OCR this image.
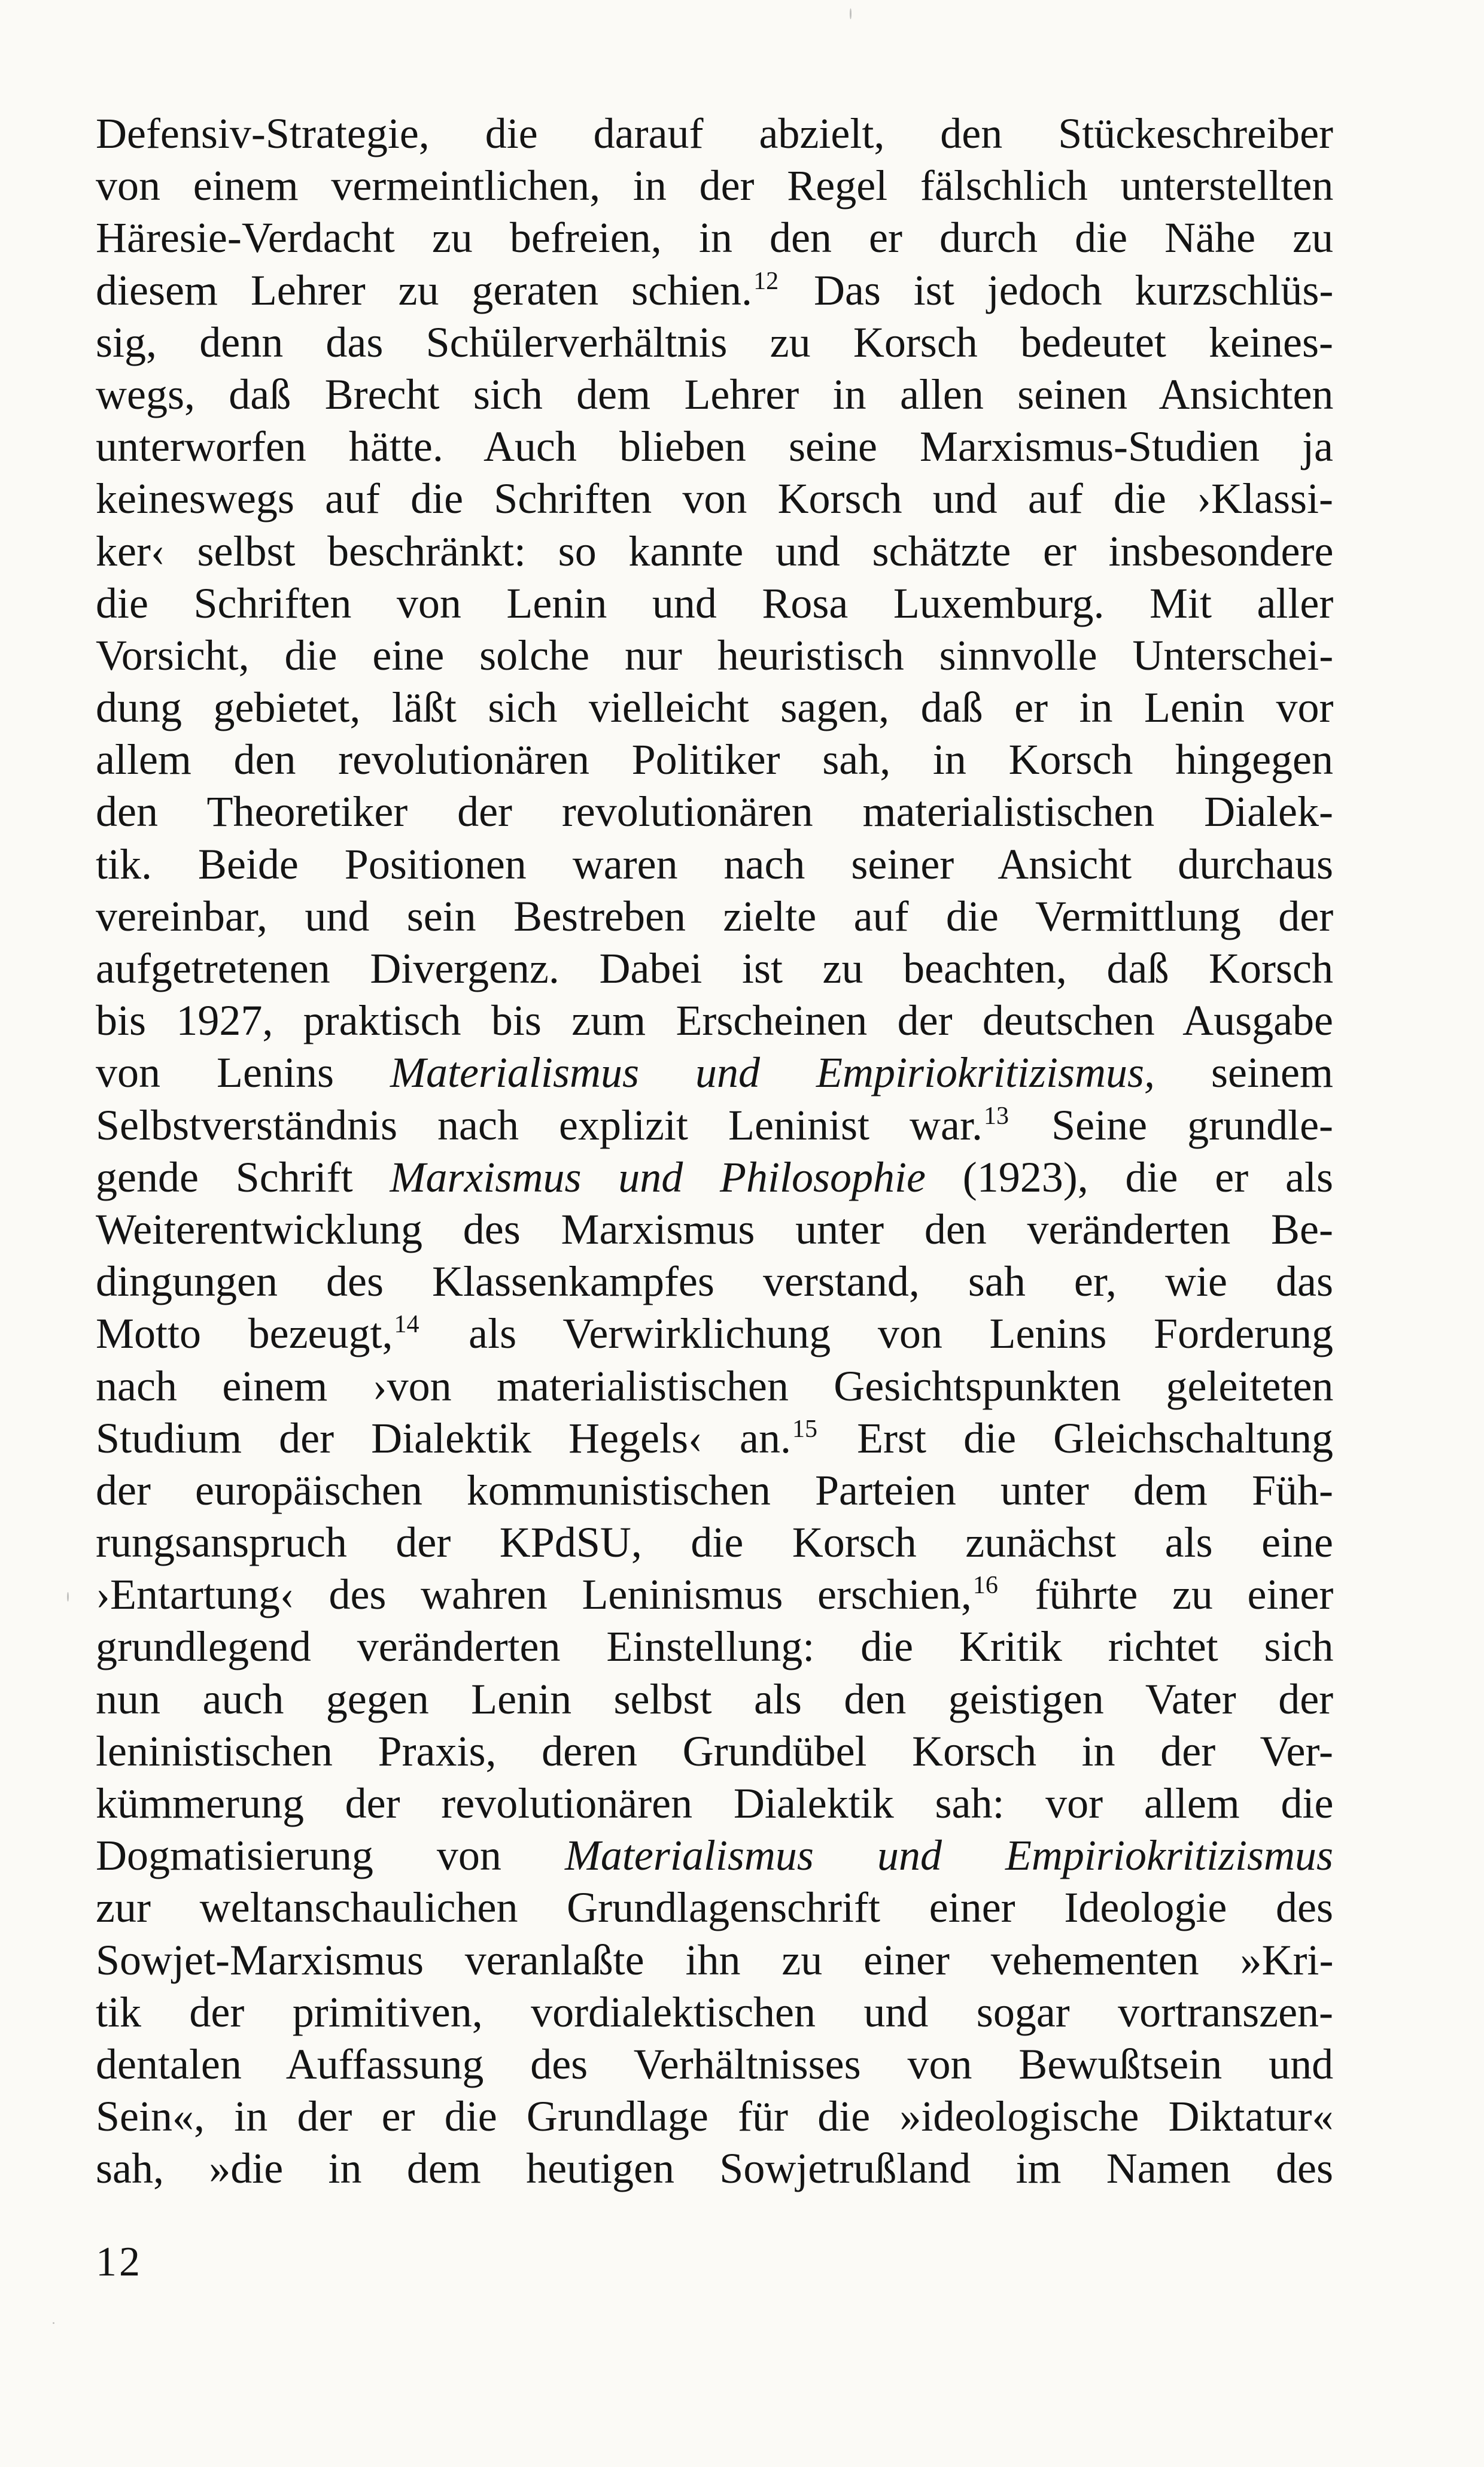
Defensiv-Strategie, die darauf abzielt, den Stückeschreiber
von einem vermeintlichen, in der Regel fälschlich unterstellten
Häresie-Verdacht zu befreien, in den er durch die Nähe zu
diesem Lehrer zu geraten schien.$^{12}$ Das ist jedoch kurzschlüs-
sig, denn das Schülerverhältnis zu Korsch bedeutet keines-
wegs, daß Brecht sich dem Lehrer in allen seinen Ansichten
unterworfen hätte. Auch blieben seine Marxismus-Studien ja
keineswegs auf die Schriften von Korsch und auf die ›Klassi-
ker‹ selbst beschränkt: so kannte und schätzte er insbesondere
die Schriften von Lenin und Rosa Luxemburg. Mit aller
Vorsicht, die eine solche nur heuristisch sinnvolle Unterschei-
dung gebietet, läßt sich vielleicht sagen, daß er in Lenin vor
allem den revolutionären Politiker sah, in Korsch hingegen
den Theoretiker der revolutionären materialistischen Dialek-
tik. Beide Positionen waren nach seiner Ansicht durchaus
vereinbar, und sein Bestreben zielte auf die Vermittlung der
aufgetretenen Divergenz. Dabei ist zu beachten, daß Korsch
bis 1927, praktisch bis zum Erscheinen der deutschen Ausgabe
von Lenins Materialismus und Empiriokritizismus, seinem
Selbstverständnis nach explizit Leninist war.$^{13}$ Seine grundle-
gende Schrift Marxismus und Philosophie (1923), die er als
Weiterentwicklung des Marxismus unter den veränderten Be-
dingungen des Klassenkampfes verstand, sah er, wie das
Motto bezeugt,$^{14}$ als Verwirklichung von Lenins Forderung
nach einem ›von materialistischen Gesichtspunkten geleiteten
Studium der Dialektik Hegels‹ an.$^{15}$ Erst die Gleichschaltung
der europäischen kommunistischen Parteien unter dem Füh-
rungsanspruch der KPdSU, die Korsch zunächst als eine
›Entartung‹ des wahren Leninismus erschien,$^{16}$ führte zu einer
grundlegend veränderten Einstellung: die Kritik richtet sich
nun auch gegen Lenin selbst als den geistigen Vater der
leninistischen Praxis, deren Grundübel Korsch in der Ver-
kümmerung der revolutionären Dialektik sah: vor allem die
Dogmatisierung von Materialismus und Empiriokritizismus
zur weltanschaulichen Grundlagenschrift einer Ideologie des
Sowjet-Marxismus veranlaßte ihn zu einer vehementen »Kri-
tik der primitiven, vordialektischen und sogar vortranszen-
dentalen Auffassung des Verhältnisses von Bewußtsein und
Sein«, in der er die Grundlage für die »ideologische Diktatur«
sah, »die in dem heutigen Sowjetrußland im Namen des
12
